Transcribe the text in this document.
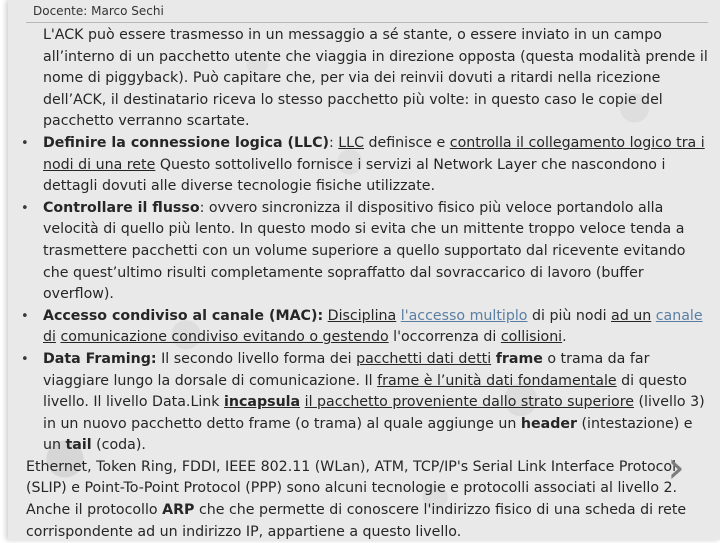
Docente: Marco Sechi
L'ACK può essere trasmesso in un messaggio a sé stante, o essere inviato in un campo all’interno di un pacchetto utente che viaggia in direzione opposta (questa modalità prende il nome di piggyback). Può capitare che, per via dei reinvii dovuti a ritardi nella ricezione dell’ACK, il destinatario riceva lo stesso pacchetto più volte: in questo caso le copie del pacchetto verranno scartate.
•	Definire la connessione logica (LLC): LLC definisce e controlla il collegamento logico tra i nodi di una rete Questo sottolivello fornisce i servizi al Network Layer che nascondono i dettagli dovuti alle diverse tecnologie fisiche utilizzate.
•	Controllare il flusso: ovvero sincronizza il dispositivo fisico più veloce portandolo alla velocità di quello più lento. In questo modo si evita che un mittente troppo veloce tenda a trasmettere pacchetti con un volume superiore a quello supportato dal ricevente evitando che quest’ultimo risulti completamente sopraffatto dal sovraccarico di lavoro (buffer overflow).
•	Accesso condiviso al canale (MAC): Disciplina l'accesso multiplo di più nodi ad un canale di comunicazione condiviso evitando o gestendo l'occorrenza di collisioni.
•	Data Framing: Il secondo livello forma dei pacchetti dati detti frame o trama da far viaggiare lungo la dorsale di comunicazione. Il frame è l’unità dati fondamentale di questo livello. Il livello Data.Link incapsula il pacchetto proveniente dallo strato superiore (livello 3) in un nuovo pacchetto detto frame (o trama) al quale aggiunge un header (intestazione) e un tail (coda).
Ethernet, Token Ring, FDDI, IEEE 802.11 (WLan), ATM, TCP/IP's Serial Link Interface Protocol (SLIP) e Point-To-Point Protocol (PPP) sono alcuni tecnologie e protocolli associati al livello 2. Anche il protocollo ARP che che permette di conoscere l'indirizzo fisico di una scheda di rete corrispondente ad un indirizzo IP, appartiene a questo livello.
›
